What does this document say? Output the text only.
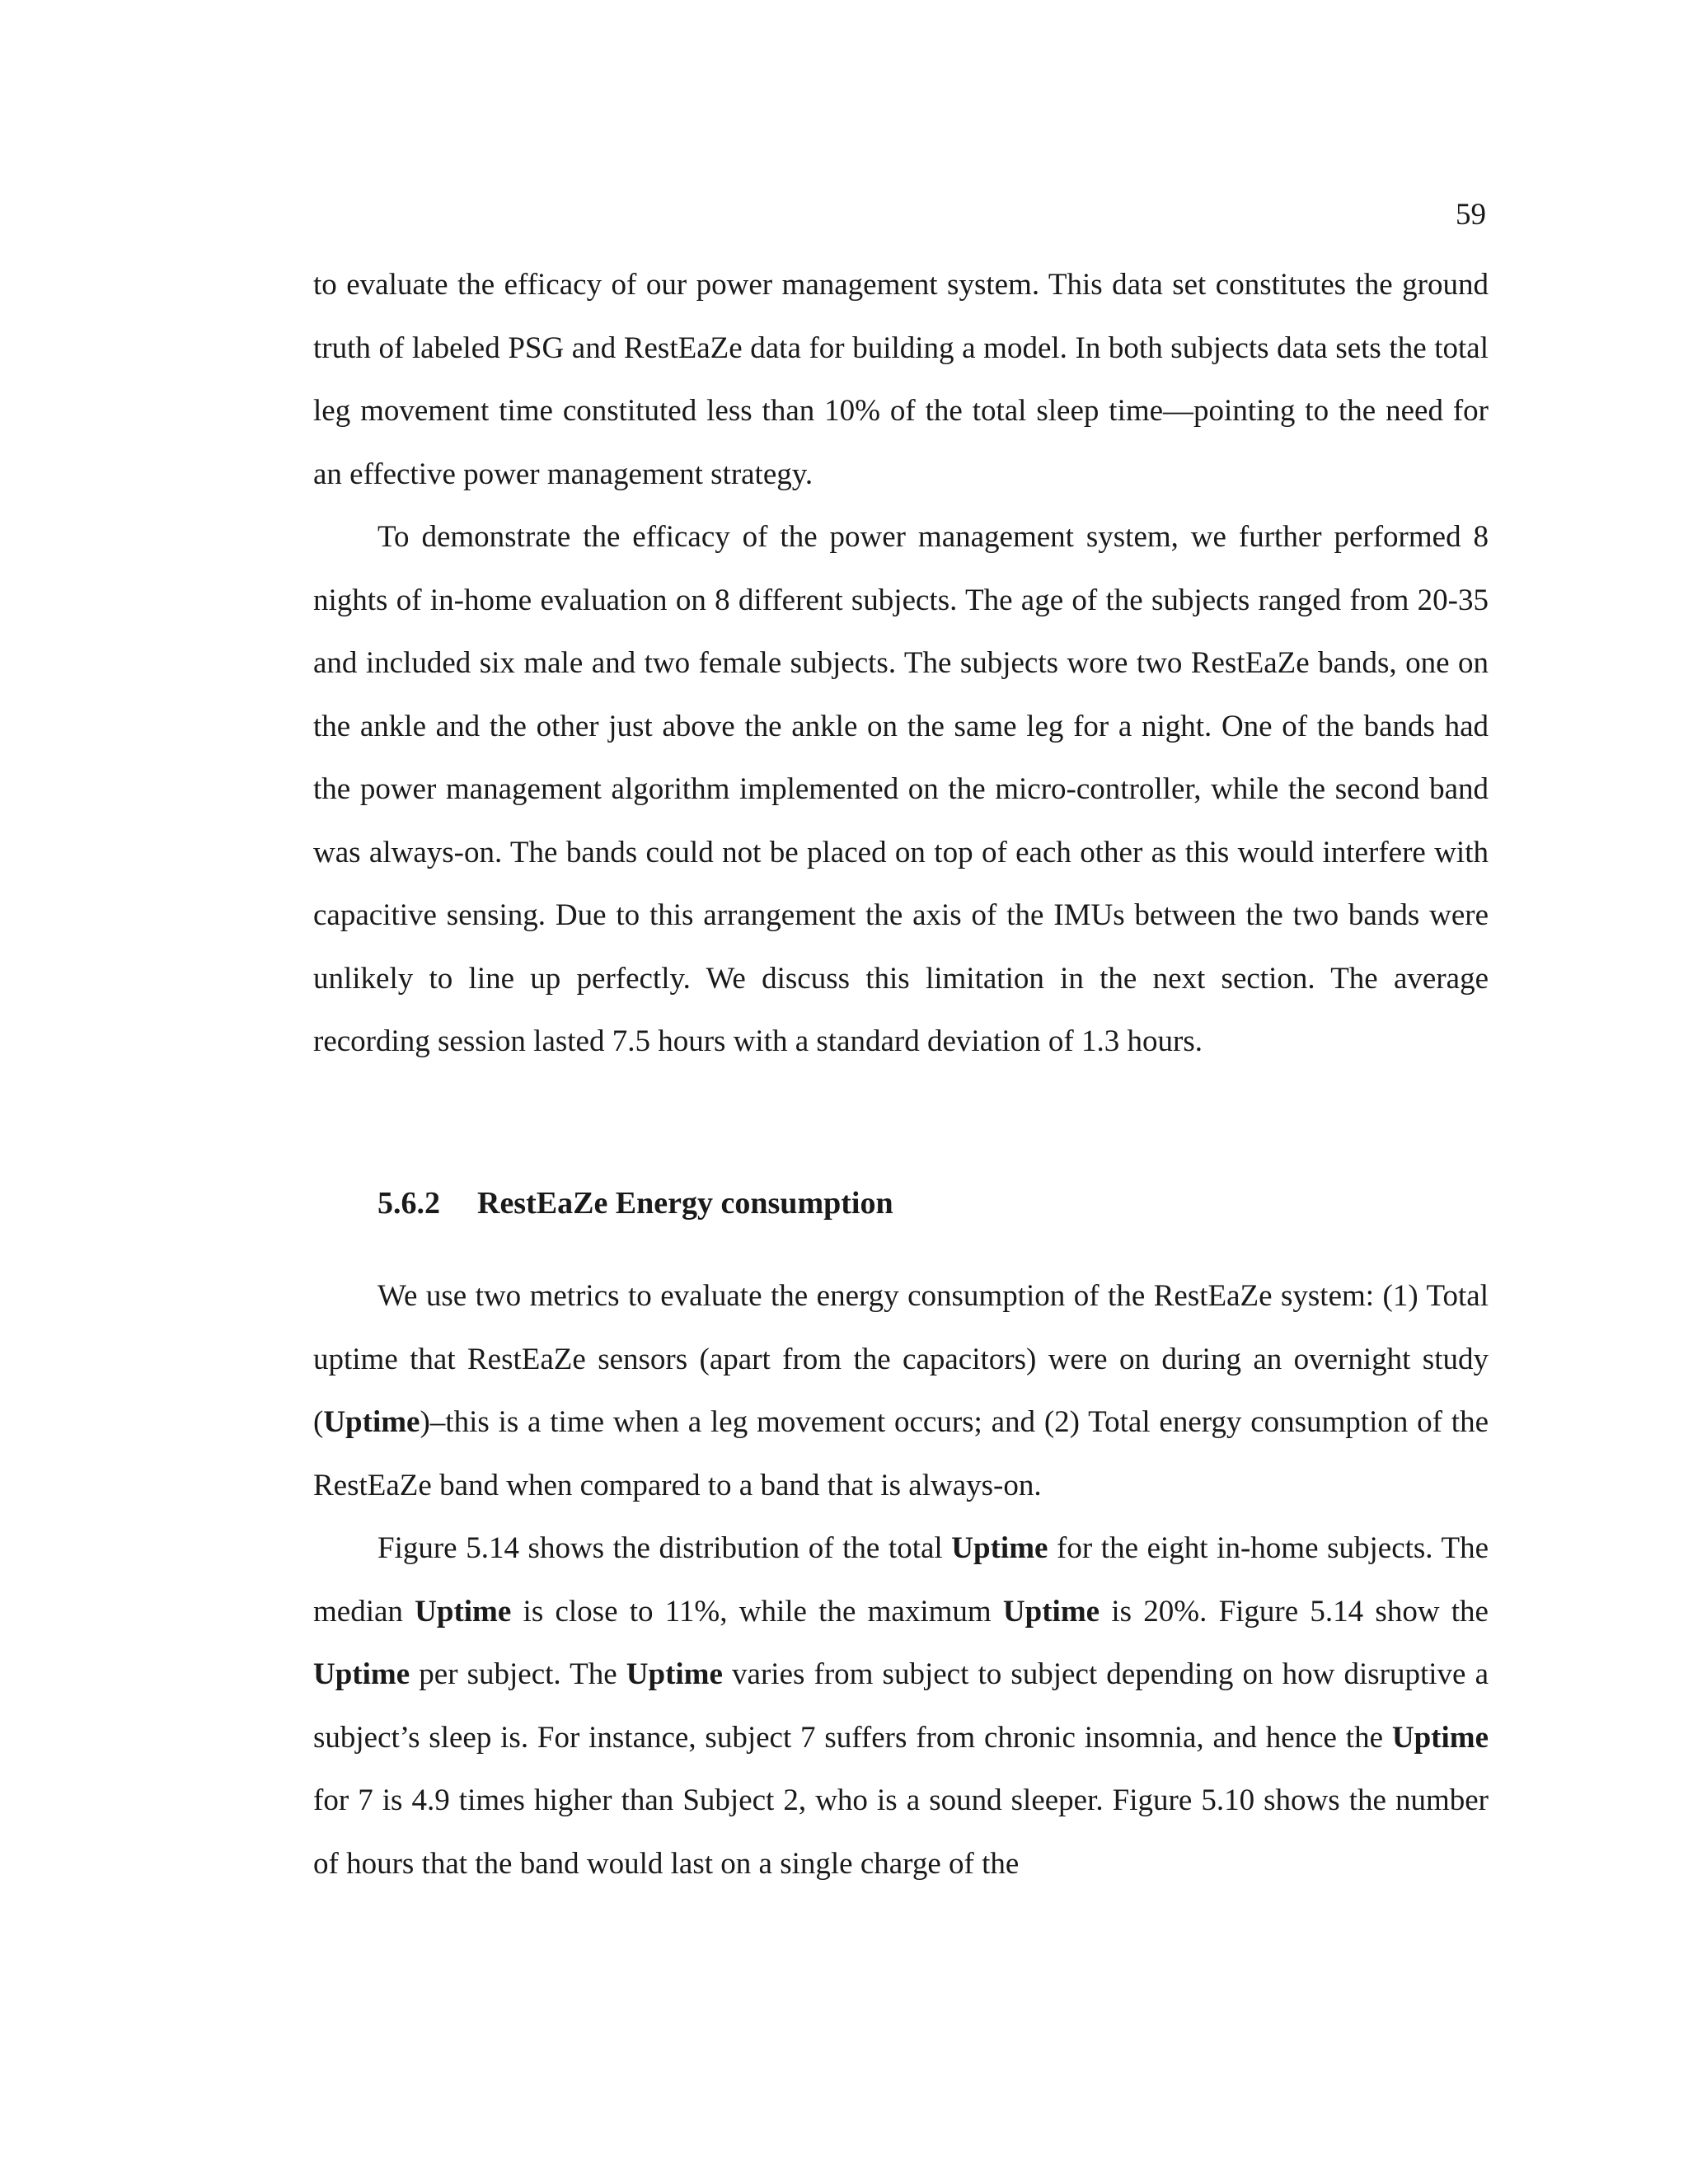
59

to evaluate the efficacy of our power management system. This data set constitutes the ground truth of labeled PSG and RestEaZe data for building a model. In both subjects data sets the total leg movement time constituted less than 10% of the total sleep time—pointing to the need for an effective power management strategy.

To demonstrate the efficacy of the power management system, we further performed 8 nights of in-home evaluation on 8 different subjects. The age of the subjects ranged from 20-35 and included six male and two female subjects. The subjects wore two RestEaZe bands, one on the ankle and the other just above the ankle on the same leg for a night. One of the bands had the power management algorithm implemented on the micro-controller, while the second band was always-on. The bands could not be placed on top of each other as this would interfere with capacitive sensing. Due to this arrangement the axis of the IMUs between the two bands were unlikely to line up perfectly. We discuss this limitation in the next section. The average recording session lasted 7.5 hours with a standard deviation of 1.3 hours.

5.6.2 RestEaZe Energy consumption

We use two metrics to evaluate the energy consumption of the RestEaZe system: (1) Total uptime that RestEaZe sensors (apart from the capacitors) were on during an overnight study (Uptime)–this is a time when a leg movement occurs; and (2) Total energy consumption of the RestEaZe band when compared to a band that is always-on.

Figure 5.14 shows the distribution of the total Uptime for the eight in-home subjects. The median Uptime is close to 11%, while the maximum Uptime is 20%. Figure 5.14 show the Uptime per subject. The Uptime varies from subject to subject depending on how disruptive a subject’s sleep is. For instance, subject 7 suffers from chronic insomnia, and hence the Uptime for 7 is 4.9 times higher than Subject 2, who is a sound sleeper. Figure 5.10 shows the number of hours that the band would last on a single charge of the
